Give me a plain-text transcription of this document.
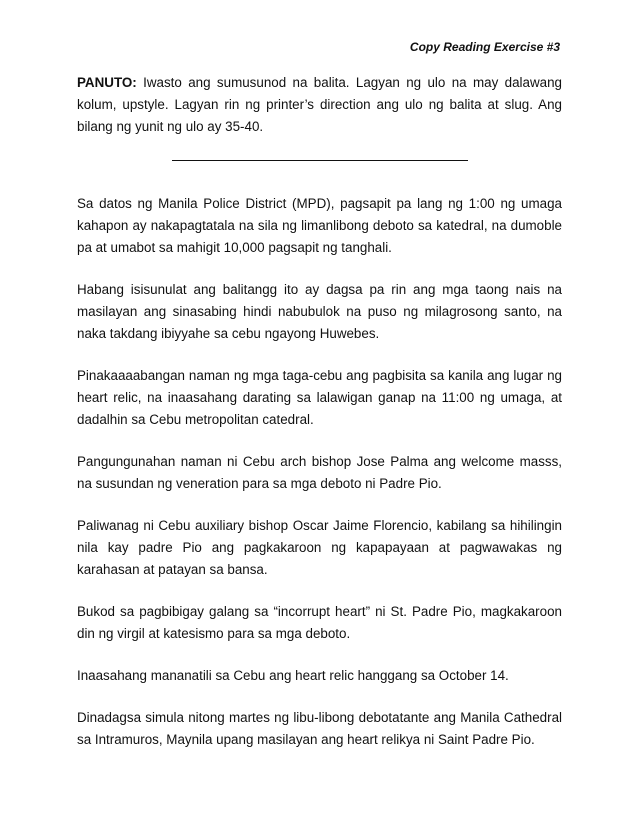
Copy Reading Exercise #3

PANUTO: Iwasto ang sumusunod na balita. Lagyan ng ulo na may dalawang kolum, upstyle. Lagyan rin ng printer’s direction ang ulo ng balita at slug. Ang bilang ng yunit ng ulo ay 35-40.

Sa datos ng Manila Police District (MPD), pagsapit pa lang ng 1:00 ng umaga kahapon ay nakapagtatala na sila ng limanlibong deboto sa katedral, na dumoble pa at umabot sa mahigit 10,000 pagsapit ng tanghali.

Habang isisunulat ang balitangg ito ay dagsa pa rin ang mga taong nais na masilayan ang sinasabing hindi nabubulok na puso ng milagrosong santo, na naka takdang ibiyyahe sa cebu ngayong Huwebes.

Pinakaaaabangan naman ng mga taga-cebu ang pagbisita sa kanila ang lugar ng heart relic, na inaasahang darating sa lalawigan ganap na 11:00 ng umaga, at dadalhin sa Cebu metropolitan catedral.

Pangungunahan naman ni Cebu arch bishop Jose Palma ang welcome masss, na susundan ng veneration para sa mga deboto ni Padre Pio.

Paliwanag ni Cebu auxiliary bishop Oscar Jaime Florencio, kabilang sa hihilingin nila kay padre Pio ang pagkakaroon ng kapapayaan at pagwawakas ng karahasan at patayan sa bansa.

Bukod sa pagbibigay galang sa “incorrupt heart” ni St. Padre Pio, magkakaroon din ng virgil at katesismo para sa mga deboto.

Inaasahang mananatili sa Cebu ang heart relic hanggang sa October 14.

Dinadagsa simula nitong martes ng libu-libong debotatante ang Manila Cathedral sa Intramuros, Maynila upang masilayan ang heart relikya ni Saint Padre Pio.
